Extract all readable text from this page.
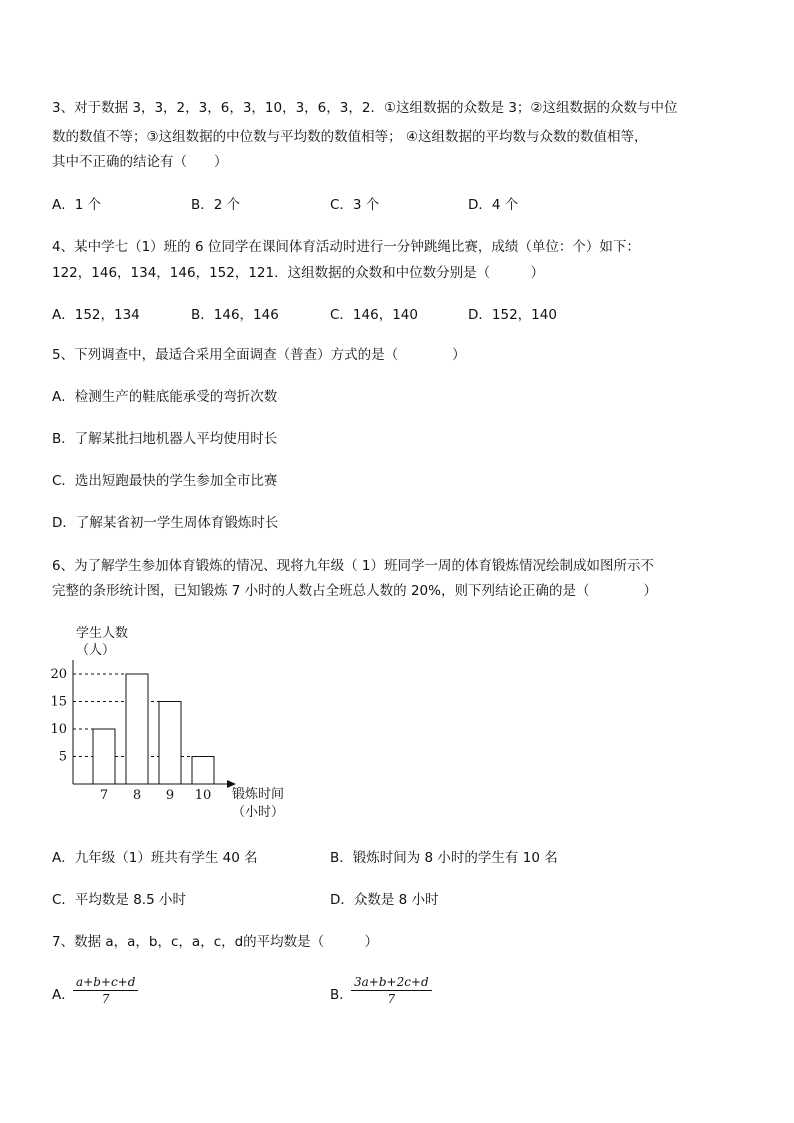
3、对于数据 3，3，2，3，6，3，10，3，6，3，2．①这组数据的众数是 3；②这组数据的众数与中位
数的数值不等；③这组数据的中位数与平均数的数值相等； ④这组数据的平均数与众数的数值相等，
其中不正确的结论有（　　）
A．1 个	B．2 个	C．3 个	D．4 个
4、某中学七（1）班的 6 位同学在课间体育活动时进行一分钟跳绳比赛，成绩（单位：个）如下：
122，146，134，146，152，121．这组数据的众数和中位数分别是（　　　）
A．152，134	B．146，146	C．146，140	D．152，140
5、下列调查中，最适合采用全面调查（普查）方式的是（　　　　）
A．检测生产的鞋底能承受的弯折次数
B．了解某批扫地机器人平均使用时长
C．选出短跑最快的学生参加全市比赛
D．了解某省初一学生周体育锻炼时长
6、为了解学生参加体育锻炼的情况、现将九年级（ 1）班同学一周的体育锻炼情况绘制成如图所示不
完整的条形统计图，已知锻炼 7 小时的人数占全班总人数的 20%，则下列结论正确的是（　　　　）
学生人数
（人）
5
10
15
20
7 8 9 10 锻炼时间
（小时）
A．九年级（1）班共有学生 40 名	B．锻炼时间为 8 小时的学生有 10 名
C．平均数是 8.5 小时	D．众数是 8 小时
7、数据 a，a，b，c，a，c，d的平均数是（　　　）
A．
$\frac{a+b+c+d}{7}$	B．
$\frac{3a+b+2c+d}{7}$
